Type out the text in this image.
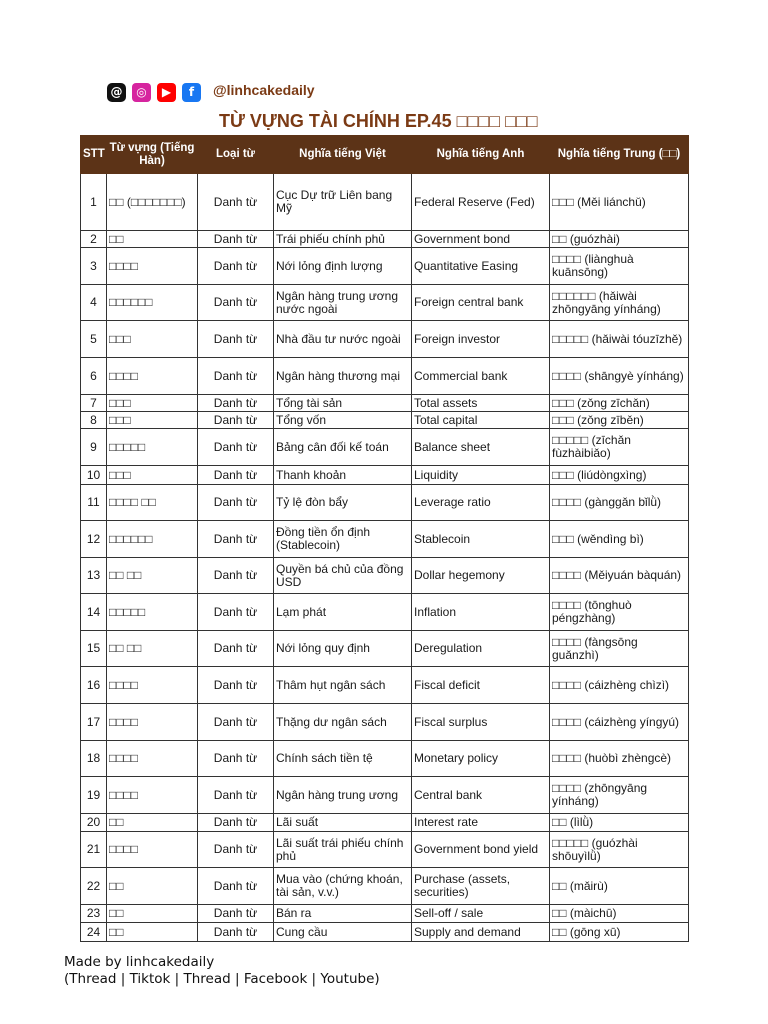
@	◎	▶	f	@linhcakedaily
TỪ VỰNG TÀI CHÍNH EP.45 □□□□ □□□
STT	Từ vựng (Tiếng Hàn)	Loại từ	Nghĩa tiếng Việt	Nghĩa tiếng Anh	Nghĩa tiếng Trung (□□)
1	□□ (□□□□□□□)	Danh từ	Cục Dự trữ Liên bang Mỹ	Federal Reserve (Fed)	□□□ (Měi liánchǔ)
2	□□	Danh từ	Trái phiếu chính phủ	Government bond	□□ (guózhài)
3	□□□□	Danh từ	Nới lỏng định lượng	Quantitative Easing	□□□□ (liànghuà kuānsōng)
4	□□□□□□	Danh từ	Ngân hàng trung ương nước ngoài	Foreign central bank	□□□□□□ (hǎiwài zhōngyāng yínháng)
5	□□□	Danh từ	Nhà đầu tư nước ngoài	Foreign investor	□□□□□ (hǎiwài tóuzīzhě)
6	□□□□	Danh từ	Ngân hàng thương mại	Commercial bank	□□□□ (shāngyè yínháng)
7	□□□	Danh từ	Tổng tài sản	Total assets	□□□ (zǒng zīchǎn)
8	□□□	Danh từ	Tổng vốn	Total capital	□□□ (zǒng zīběn)
9	□□□□□	Danh từ	Bảng cân đối kế toán	Balance sheet	□□□□□ (zīchǎn fùzhàibiǎo)
10	□□□	Danh từ	Thanh khoản	Liquidity	□□□ (liúdòngxìng)
11	□□□□ □□	Danh từ	Tỷ lệ đòn bẩy	Leverage ratio	□□□□ (gànggǎn bǐlǜ)
12	□□□□□□	Danh từ	Đồng tiền ổn định (Stablecoin)	Stablecoin	□□□ (wěndìng bì)
13	□□ □□	Danh từ	Quyền bá chủ của đồng USD	Dollar hegemony	□□□□ (Měiyuán bàquán)
14	□□□□□	Danh từ	Lạm phát	Inflation	□□□□ (tōnghuò péngzhàng)
15	□□ □□	Danh từ	Nới lỏng quy định	Deregulation	□□□□ (fàngsōng guǎnzhì)
16	□□□□	Danh từ	Thâm hụt ngân sách	Fiscal deficit	□□□□ (cáizhèng chìzì)
17	□□□□	Danh từ	Thặng dư ngân sách	Fiscal surplus	□□□□ (cáizhèng yíngyú)
18	□□□□	Danh từ	Chính sách tiền tệ	Monetary policy	□□□□ (huòbì zhèngcè)
19	□□□□	Danh từ	Ngân hàng trung ương	Central bank	□□□□ (zhōngyāng yínháng)
20	□□	Danh từ	Lãi suất	Interest rate	□□ (lìlǜ)
21	□□□□	Danh từ	Lãi suất trái phiếu chính phủ	Government bond yield	□□□□□ (guózhài shōuyìlǜ)
22	□□	Danh từ	Mua vào (chứng khoán, tài sản, v.v.)	Purchase (assets, securities)	□□ (mǎirù)
23	□□	Danh từ	Bán ra	Sell-off / sale	□□ (màichū)
24	□□	Danh từ	Cung cầu	Supply and demand	□□ (gōng xū)
Made by linhcakedaily
(Thread | Tiktok | Thread | Facebook | Youtube)
